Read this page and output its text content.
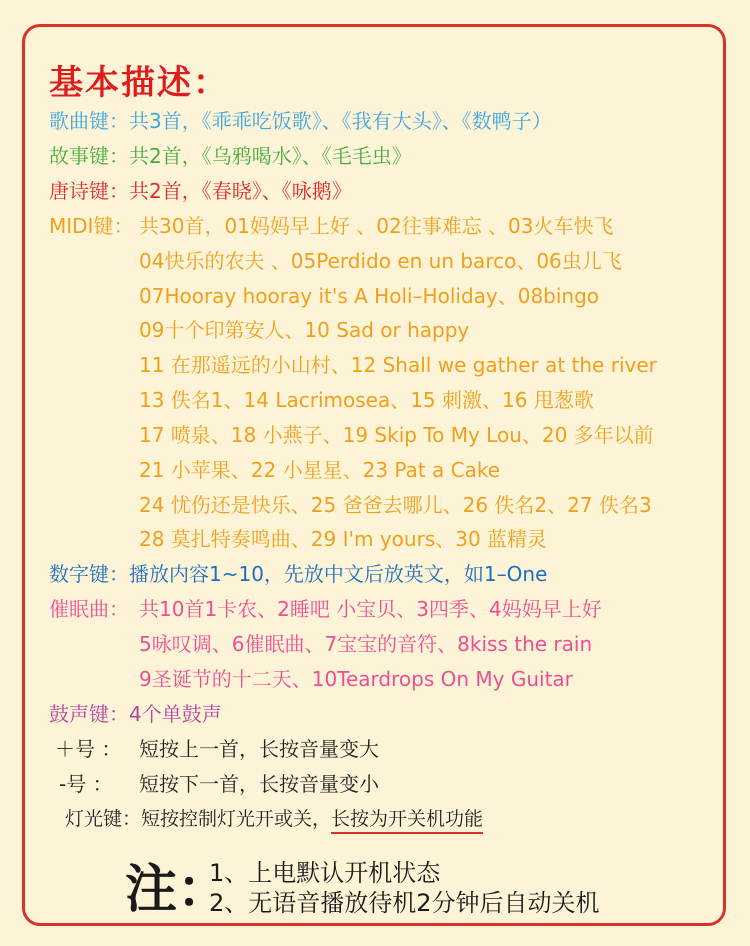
基本描述：
歌曲键：共3首，《乖乖吃饭歌》、《我有大头》、《数鸭子）
故事键：共2首，《乌鸦喝水》、《毛毛虫》
唐诗键：共2首，《春晓》、《咏鹅》
MIDI键： 共30首，01妈妈早上好 、02往事难忘 、03火车快飞
04快乐的农夫 、05Perdido en un barco、06虫儿飞
07Hooray hooray it's A Holi–Holiday、08bingo
09十个印第安人、10 Sad or happy
11 在那遥远的小山村、12 Shall we gather at the river
13 佚名1、14 Lacrimosea、15 刺激、16 甩葱歌
17 喷泉、18 小燕子、19 Skip To My Lou、20 多年以前
21 小苹果、22 小星星、23 Pat a Cake
24 忧伤还是快乐、25 爸爸去哪儿、26 佚名2、27 佚名3
28 莫扎特奏鸣曲、29 I'm yours、30 蓝精灵
数字键：播放内容1~10，先放中文后放英文，如1–One
催眠曲： 共10首1卡农、2睡吧 小宝贝、3四季、4妈妈早上好
5咏叹调、6催眠曲、7宝宝的音符、8kiss the rain
9圣诞节的十二天、10Teardrops On My Guitar
鼓声键：4个单鼓声
＋号 ： 短按上一首，长按音量变大
-号 ： 短按下一首，长按音量变小
灯光键：短按控制灯光开或关，长按为开关机功能
注：
1、上电默认开机状态
2、无语音播放待机2分钟后自动关机
